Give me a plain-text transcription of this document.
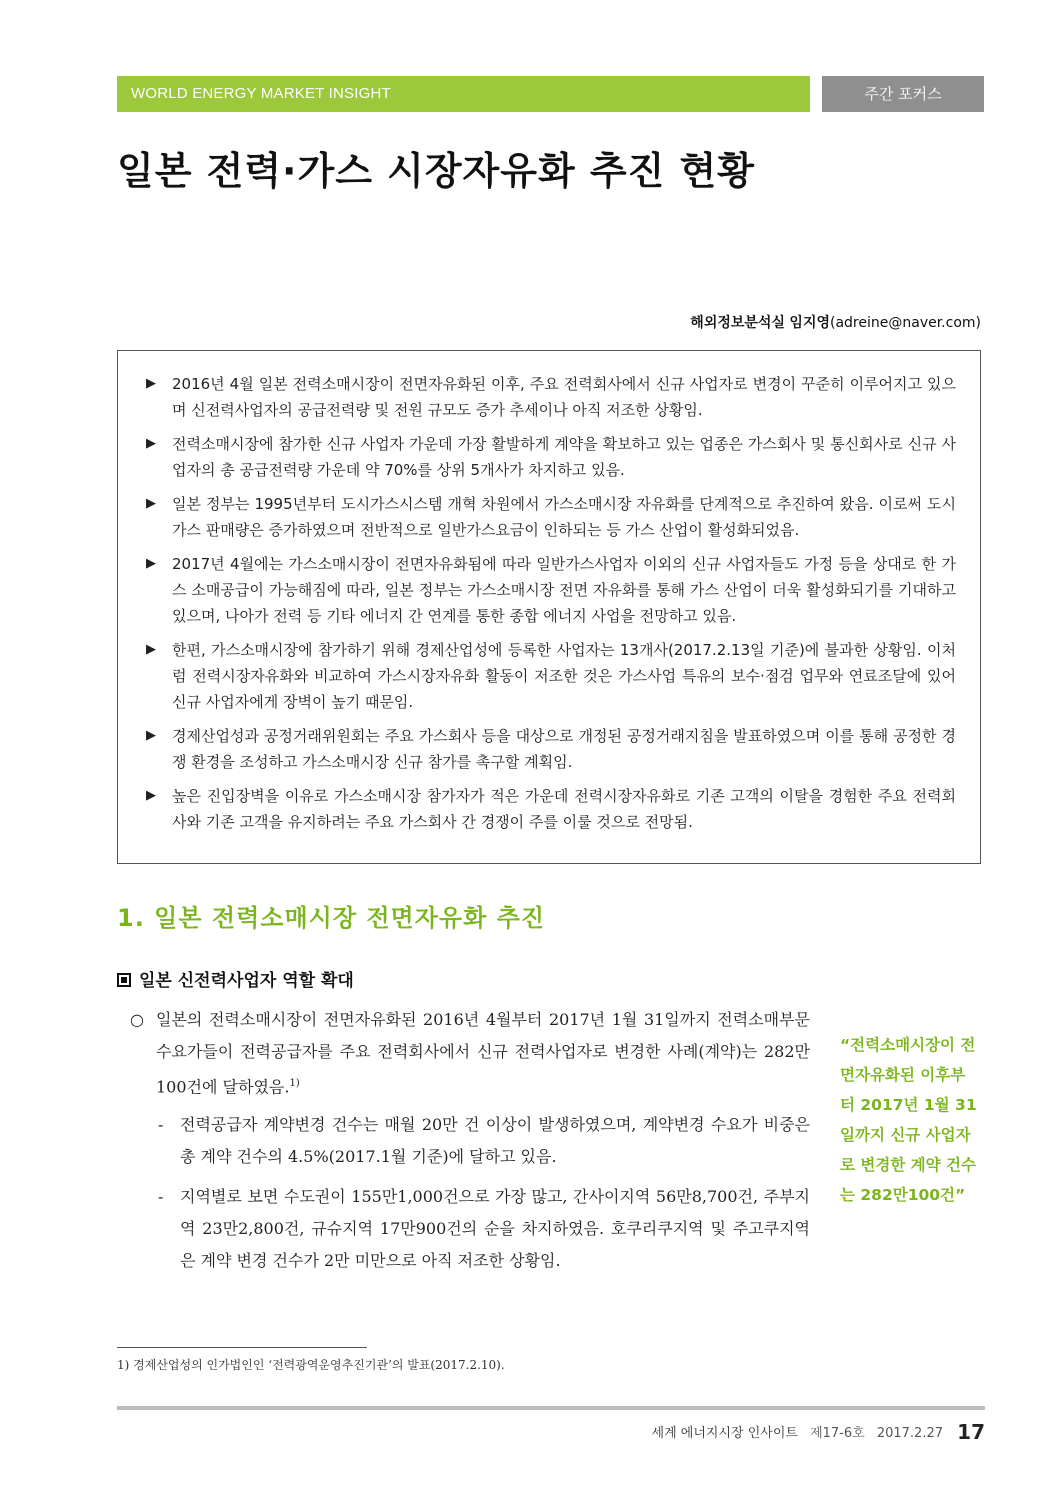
WORLD ENERGY MARKET INSIGHT	주간 포커스
일본 전력·가스 시장자유화 추진 현황
해외정보분석실 임지영(adreine@naver.com)
▶ 2016년 4월 일본 전력소매시장이 전면자유화된 이후, 주요 전력회사에서 신규 사업자로 변경이 꾸준히 이루어지고 있으며 신전력사업자의 공급전력량 및 전원 규모도 증가 추세이나 아직 저조한 상황임.
▶ 전력소매시장에 참가한 신규 사업자 가운데 가장 활발하게 계약을 확보하고 있는 업종은 가스회사 및 통신회사로 신규 사업자의 총 공급전력량 가운데 약 70%를 상위 5개사가 차지하고 있음.
▶ 일본 정부는 1995년부터 도시가스시스템 개혁 차원에서 가스소매시장 자유화를 단계적으로 추진하여 왔음. 이로써 도시가스 판매량은 증가하였으며 전반적으로 일반가스요금이 인하되는 등 가스 산업이 활성화되었음.
▶ 2017년 4월에는 가스소매시장이 전면자유화됨에 따라 일반가스사업자 이외의 신규 사업자들도 가정 등을 상대로 한 가스 소매공급이 가능해짐에 따라, 일본 정부는 가스소매시장 전면 자유화를 통해 가스 산업이 더욱 활성화되기를 기대하고 있으며, 나아가 전력 등 기타 에너지 간 연계를 통한 종합 에너지 사업을 전망하고 있음.
▶ 한편, 가스소매시장에 참가하기 위해 경제산업성에 등록한 사업자는 13개사(2017.2.13일 기준)에 불과한 상황임. 이처럼 전력시장자유화와 비교하여 가스시장자유화 활동이 저조한 것은 가스사업 특유의 보수·점검 업무와 연료조달에 있어 신규 사업자에게 장벽이 높기 때문임.
▶ 경제산업성과 공정거래위원회는 주요 가스회사 등을 대상으로 개정된 공정거래지침을 발표하였으며 이를 통해 공정한 경쟁 환경을 조성하고 가스소매시장 신규 참가를 촉구할 계획임.
▶ 높은 진입장벽을 이유로 가스소매시장 참가자가 적은 가운데 전력시장자유화로 기존 고객의 이탈을 경험한 주요 전력회사와 기존 고객을 유지하려는 주요 가스회사 간 경쟁이 주를 이룰 것으로 전망됨.
1. 일본 전력소매시장 전면자유화 추진
일본 신전력사업자 역할 확대
○ 일본의 전력소매시장이 전면자유화된 2016년 4월부터 2017년 1월 31일까지 전력소매부문 수요가들이 전력공급자를 주요 전력회사에서 신규 전력사업자로 변경한 사례(계약)는 282만100건에 달하였음.$^{1)}$
- 전력공급자 계약변경 건수는 매월 20만 건 이상이 발생하였으며, 계약변경 수요가 비중은 총 계약 건수의 4.5%(2017.1월 기준)에 달하고 있음.
- 지역별로 보면 수도권이 155만1,000건으로 가장 많고, 간사이지역 56만8,700건, 주부지역 23만2,800건, 규슈지역 17만900건의 순을 차지하였음. 호쿠리쿠지역 및 주고쿠지역은 계약 변경 건수가 2만 미만으로 아직 저조한 상황임.
“전력소매시장이 전면자유화된 이후부터 2017년 1월 31일까지 신규 사업자로 변경한 계약 건수는 282만100건”
1) 경제산업성의 인가법인인 ‘전력광역운영추진기관’의 발표(2017.2.10).
세계 에너지시장 인사이트 제17-6호 2017.2.27 17
